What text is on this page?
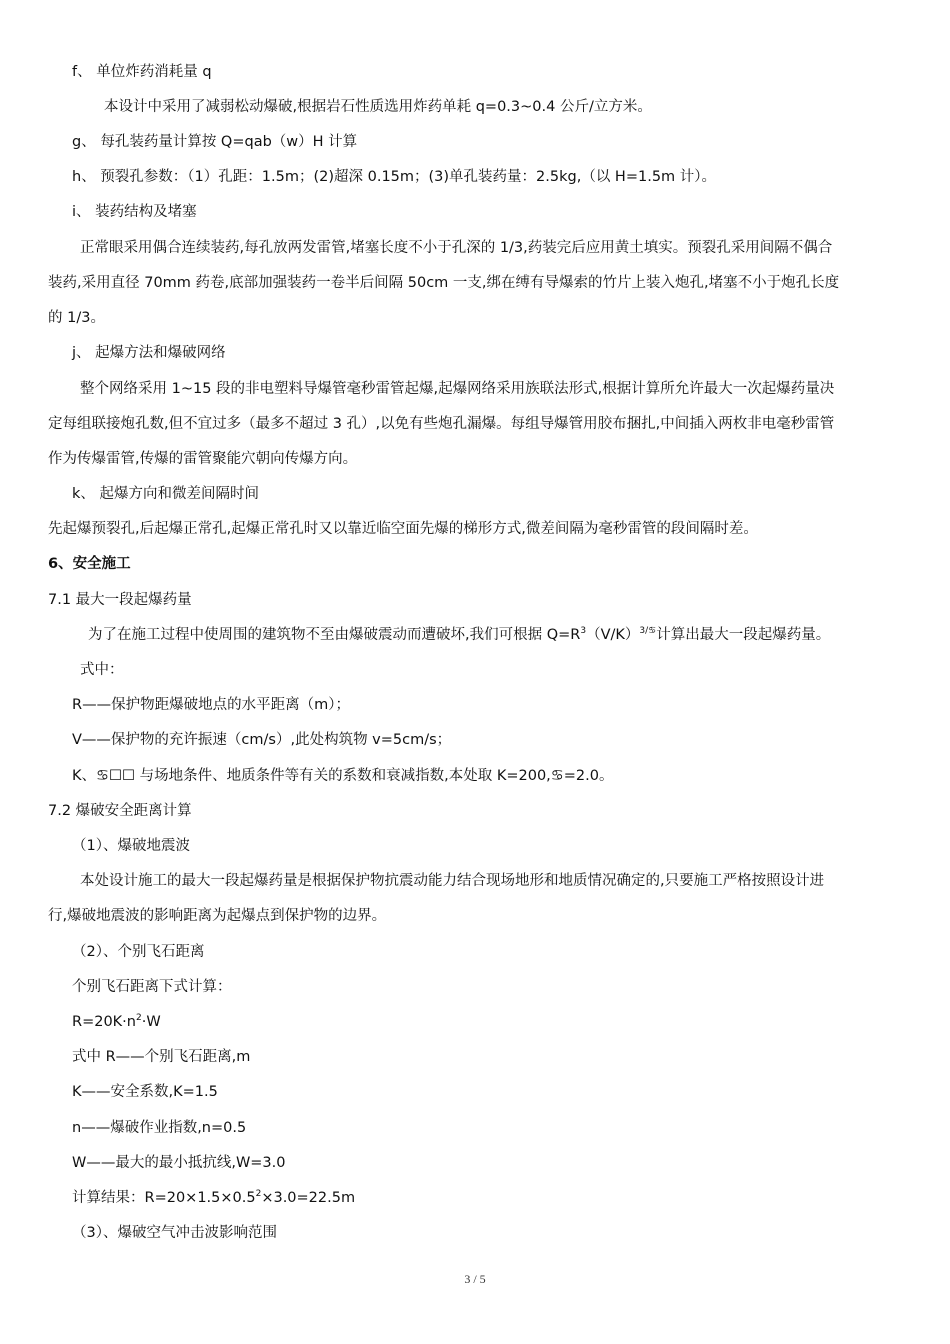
f、 单位炸药消耗量 q
本设计中采用了减弱松动爆破,根据岩石性质选用炸药单耗 q=0.3~0.4 公斤/立方米。
g、 每孔装药量计算按 Q=qab（w）H 计算
h、 预裂孔参数：（1）孔距：1.5m；(2)超深 0.15m；(3)单孔装药量：2.5kg,（以 H=1.5m 计）。
i、 装药结构及堵塞
正常眼采用偶合连续装药,每孔放两发雷管,堵塞长度不小于孔深的 1/3,药装完后应用黄土填实。预裂孔采用间隔不偶合
装药,采用直径 70mm 药卷,底部加强装药一卷半后间隔 50cm 一支,绑在缚有导爆索的竹片上装入炮孔,堵塞不小于炮孔长度
的 1/3。
j、 起爆方法和爆破网络
整个网络采用 1~15 段的非电塑料导爆管毫秒雷管起爆,起爆网络采用族联法形式,根据计算所允许最大一次起爆药量决
定每组联接炮孔数,但不宜过多（最多不超过 3 孔）,以免有些炮孔漏爆。每组导爆管用胶布捆扎,中间插入两枚非电毫秒雷管
作为传爆雷管,传爆的雷管聚能穴朝向传爆方向。
k、 起爆方向和微差间隔时间
先起爆预裂孔,后起爆正常孔,起爆正常孔时又以靠近临空面先爆的梯形方式,微差间隔为毫秒雷管的段间隔时差。
6、安全施工
7.1 最大一段起爆药量
为了在施工过程中使周围的建筑物不至由爆破震动而遭破坏,我们可根据 $Q=R^3(V/K)^{3/♋}$计算出最大一段起爆药量。
式中：
R——保护物距爆破地点的水平距离（m）；
V——保护物的充许振速（cm/s）,此处构筑物 v=5cm/s；
K、♋☐☐ 与场地条件、地质条件等有关的系数和衰减指数,本处取 K=200,♋=2.0。
7.2 爆破安全距离计算
（1）、爆破地震波
本处设计施工的最大一段起爆药量是根据保护物抗震动能力结合现场地形和地质情况确定的,只要施工严格按照设计进
行,爆破地震波的影响距离为起爆点到保护物的边界。
（2）、个别飞石距离
个别飞石距离下式计算：
$R=20K\cdot n^2\cdot W$
式中 R——个别飞石距离,m
K——安全系数,K=1.5
n——爆破作业指数,n=0.5
W——最大的最小抵抗线,W=3.0
计算结果：$R=20\times 1.5\times 0.5^2\times 3.0=22.5m$
（3）、爆破空气冲击波影响范围
3 / 5
